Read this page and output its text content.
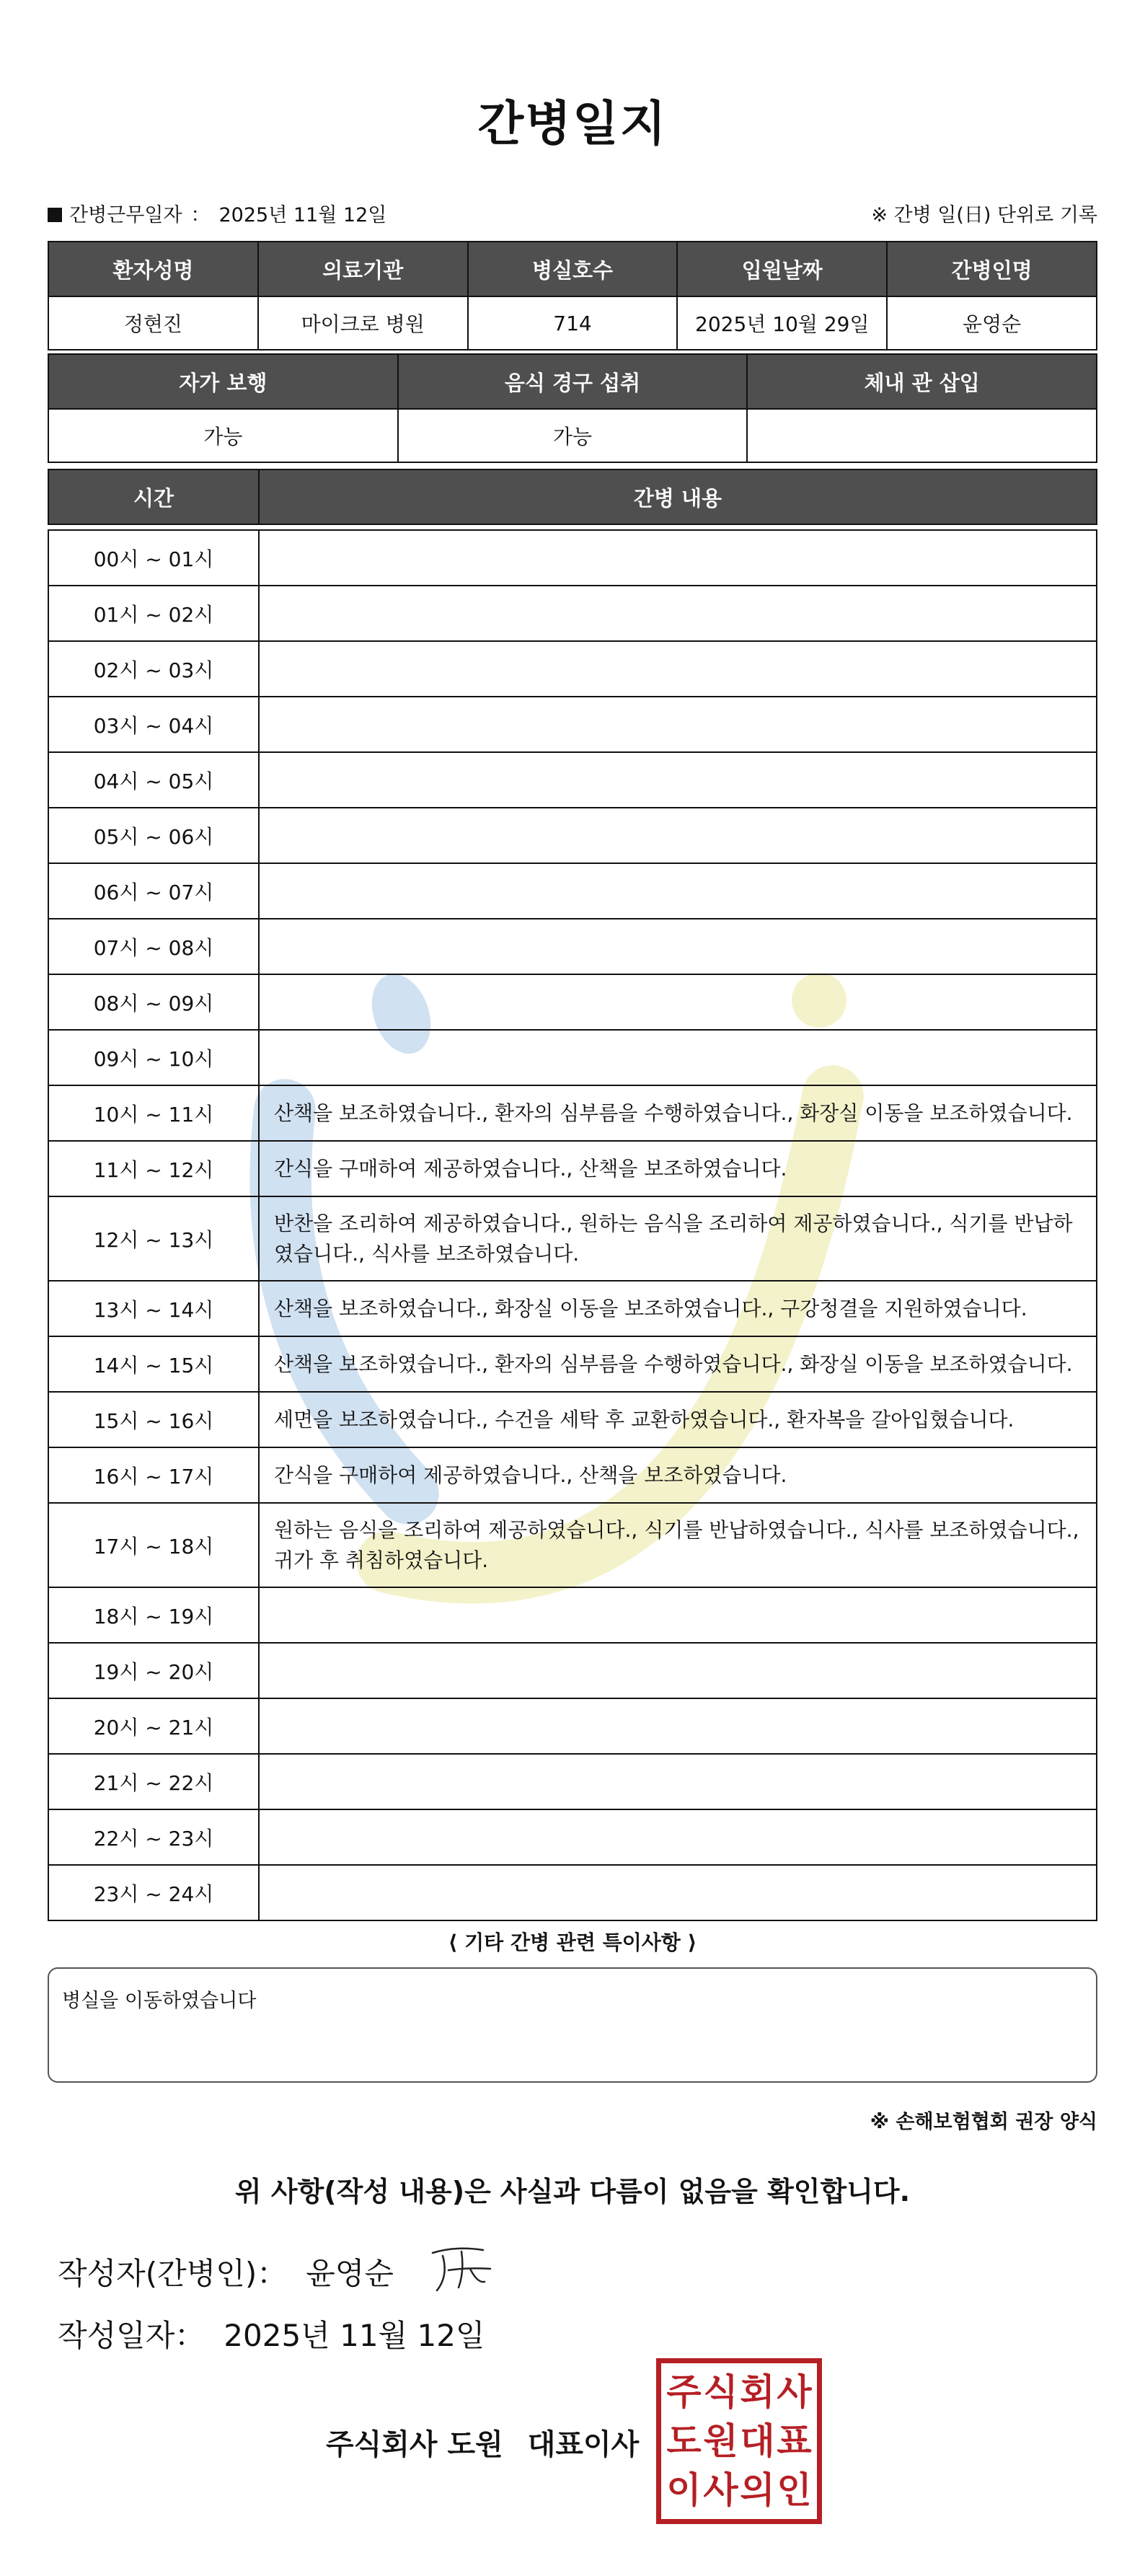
간병일지
간병근무일자 ： 2025년 11월 12일	※ 간병 일(日) 단위로 기록
환자성명	의료기관	병실호수	입원날짜	간병인명
정현진	마이크로 병원	714	2025년 10월 29일	윤영순
자가 보행	음식 경구 섭취	체내 관 삽입
가능	가능	
시간	간병 내용

00시 ~ 01시	
01시 ~ 02시	
02시 ~ 03시	
03시 ~ 04시	
04시 ~ 05시	
05시 ~ 06시	
06시 ~ 07시	
07시 ~ 08시	
08시 ~ 09시	
09시 ~ 10시	
10시 ~ 11시	산책을 보조하였습니다., 환자의 심부름을 수행하였습니다., 화장실 이동을 보조하였습니다.
11시 ~ 12시	간식을 구매하여 제공하였습니다., 산책을 보조하였습니다.
12시 ~ 13시	반찬을 조리하여 제공하였습니다., 원하는 음식을 조리하여 제공하였습니다., 식기를 반납하였습니다., 식사를 보조하였습니다.
13시 ~ 14시	산책을 보조하였습니다., 화장실 이동을 보조하였습니다., 구강청결을 지원하였습니다.
14시 ~ 15시	산책을 보조하였습니다., 환자의 심부름을 수행하였습니다., 화장실 이동을 보조하였습니다.
15시 ~ 16시	세면을 보조하였습니다., 수건을 세탁 후 교환하였습니다., 환자복을 갈아입혔습니다.
16시 ~ 17시	간식을 구매하여 제공하였습니다., 산책을 보조하였습니다.
17시 ~ 18시	원하는 음식을 조리하여 제공하였습니다., 식기를 반납하였습니다., 식사를 보조하였습니다., 귀가 후 취침하였습니다.
18시 ~ 19시	
19시 ~ 20시	
20시 ~ 21시	
21시 ~ 22시	
22시 ~ 23시	
23시 ~ 24시	
⟨ 기타 간병 관련 특이사항 ⟩
병실을 이동하였습니다
※ 손해보험협회 권장 양식
위 사항(작성 내용)은 사실과 다름이 없음을 확인합니다.
작성자(간병인)： 윤영순
작성일자： 2025년 11월 12일
주식회사 도원 대표이사
주 식 회 사
도 원 대 표
이 사 의 인
